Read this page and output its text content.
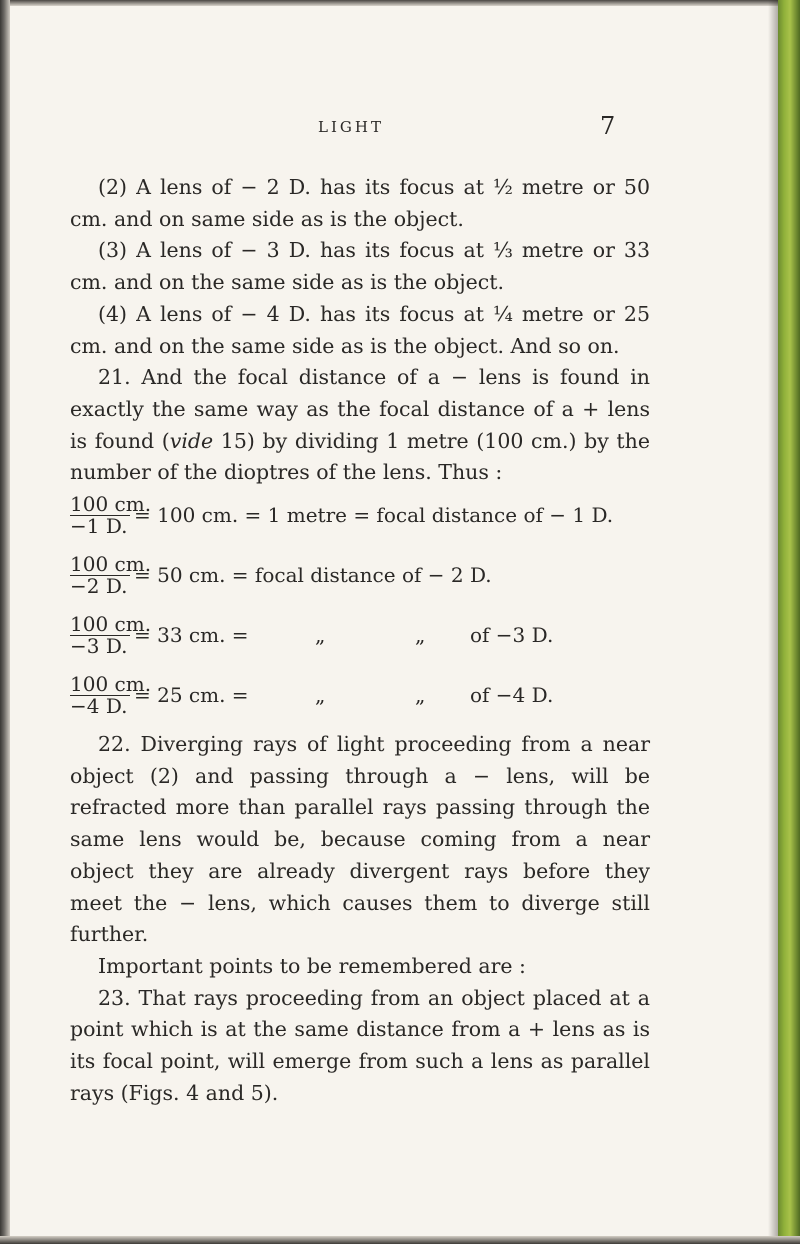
LIGHT	7

(2) A lens of − 2 D. has its focus at ½ metre or 50 cm. and on same side as is the object.

(3) A lens of − 3 D. has its focus at ⅓ metre or 33 cm. and on the same side as is the object.

(4) A lens of − 4 D. has its focus at ¼ metre or 25 cm. and on the same side as is the object. And so on.

21. And the focal distance of a − lens is found in exactly the same way as the focal distance of a + lens is found (vide 15) by dividing 1 metre (100 cm.) by the number of the dioptres of the lens. Thus :

100 cm.
−1 D. = 100 cm. = 1 metre = focal distance of − 1 D.
100 cm.
−2 D. = 50 cm. = focal distance of − 2 D.
100 cm.
−3 D. = 33 cm. =	„	„ of −3 D.
100 cm.
−4 D. = 25 cm. =	„	„ of −4 D.

22. Diverging rays of light proceeding from a near object (2) and passing through a − lens, will be refracted more than parallel rays passing through the same lens would be, because coming from a near object they are already divergent rays before they meet the − lens, which causes them to diverge still further.

Important points to be remembered are :

23. That rays proceeding from an object placed at a point which is at the same distance from a + lens as is its focal point, will emerge from such a lens as parallel rays (Figs. 4 and 5).
